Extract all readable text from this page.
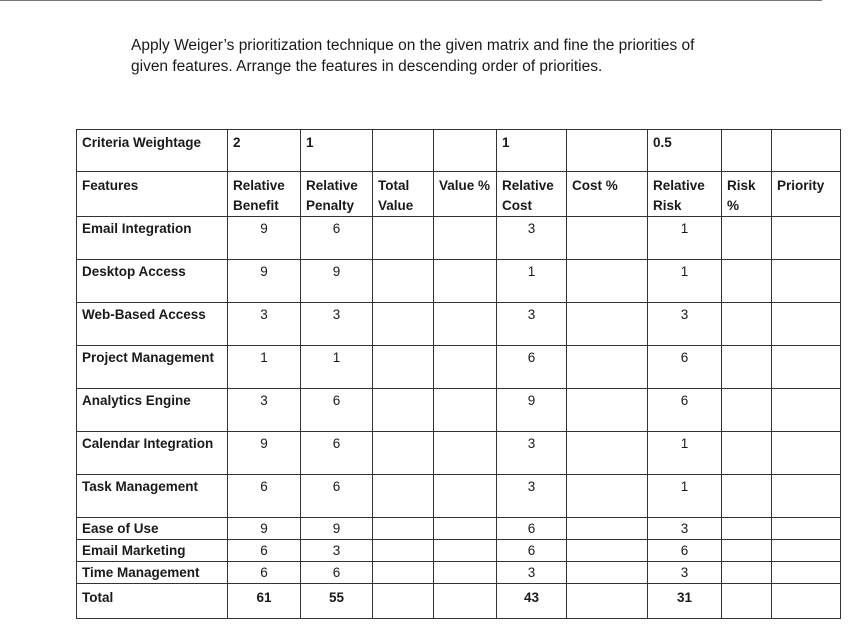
Apply Weiger’s prioritization technique on the given matrix and fine the priorities of
given features. Arrange the features in descending order of priorities.
Criteria Weightage	2	1			1		0.5		
Features	Relative Benefit	Relative Penalty	Total Value	Value %	Relative Cost	Cost %	Relative Risk	Risk %	Priority
Email Integration	9	6			3		1		
Desktop Access	9	9			1		1		
Web-Based Access	3	3			3		3		
Project Management	1	1			6		6		
Analytics Engine	3	6			9		6		
Calendar Integration	9	6			3		1		
Task Management	6	6			3		1		
Ease of Use	9	9			6		3		
Email Marketing	6	3			6		6		
Time Management	6	6			3		3		
Total	61	55			43		31		
